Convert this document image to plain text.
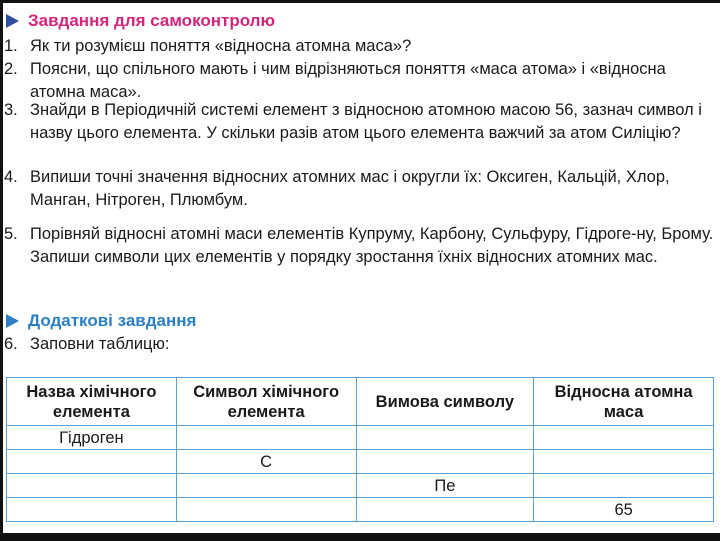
Завдання для самоконтролю
1. Як ти розумієш поняття «відносна атомна маса»?
2. Поясни, що спільного мають і чим відрізняються поняття «маса атома» і «відносна атомна маса».
3. Знайди в Періодичній системі елемент з відносною атомною масою 56, зазнач символ і назву цього елемента. У скільки разів атом цього елемента важчий за атом Силіцію?
4. Випиши точні значення відносних атомних мас і округли їх: Оксиген, Кальцій, Хлор, Манган, Нітроген, Плюмбум.
5. Порівняй відносні атомні маси елементів Купруму, Карбону, Сульфуру, Гідроге-ну, Брому. Запиши символи цих елементів у порядку зростання їхніх відносних атомних мас.
Додаткові завдання
6. Заповни таблицю:
Назва хімічного елемента	Символ хімічного елемента	Вимова символу	Відносна атомна маса
Гідроген			
	С		
		Пе	
			65
